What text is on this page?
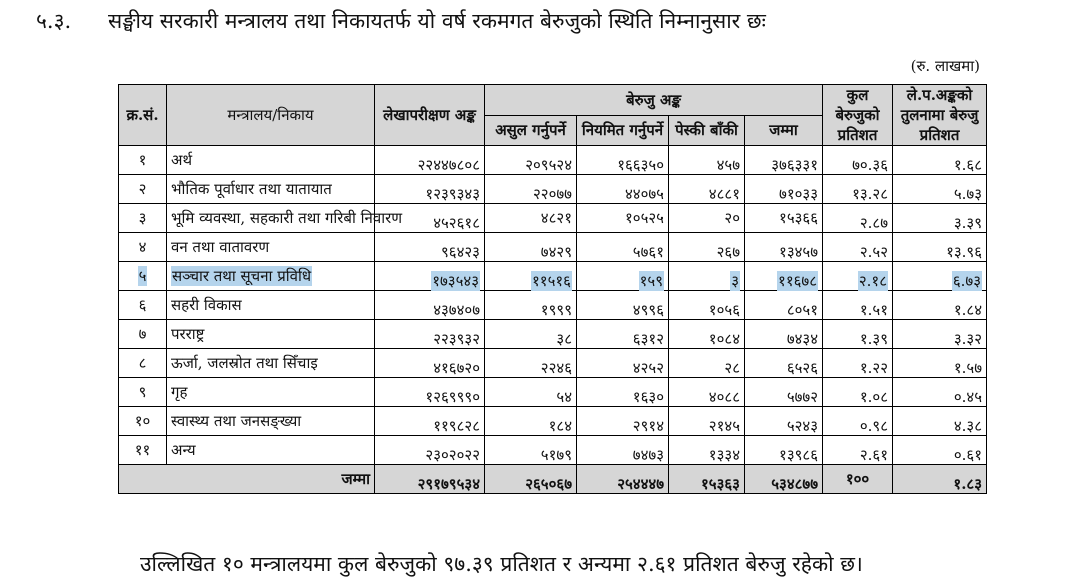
५.३. सङ्घीय सरकारी मन्त्रालय तथा निकायतर्फ यो वर्ष रकमगत बेरुजुको स्थिति निम्नानुसार छः
(रु. लाखमा)
क्र.सं.	मन्त्रालय/निकाय	लेखापरीक्षण अङ्क	बेरुजु अङ्क				कुल बेरुजुको प्रतिशत	ले.प.अङ्कको तुलनामा बेरुजु प्रतिशत
			असुल गर्नुपर्ने	नियमित गर्नुपर्ने	पेस्की बाँकी	जम्मा		
१	अर्थ	२२४४७८०८	२०९५२४	१६६३५०	४५७	३७६३३१	७०.३६	१.६८
२	भौतिक पूर्वाधार तथा यातायात	१२३९३४३	२२०७७	४४०७५	४८८१	७१०३३	१३.२८	५.७३
३	भूमि व्यवस्था, सहकारी तथा गरिबी निवारण	४५२६१८	४८२१	१०५२५	२०	१५३६६	२.८७	३.३९
४	वन तथा वातावरण	९६४२३	७४२९	५७६१	२६७	१३४५७	२.५२	१३.९६
५	सञ्चार तथा सूचना प्रविधि	१७३५४३	११५१६	१५९	३	११६७८	२.१८	६.७३
६	सहरी विकास	४३७४०७	१९९९	४९९६	१०५६	८०५१	१.५१	१.८४
७	परराष्ट्र	२२३९३२	३८	६३१२	१०८४	७४३४	१.३९	३.३२
८	ऊर्जा, जलस्रोत तथा सिँचाइ	४१६७२०	२२४६	४२५२	२८	६५२६	१.२२	१.५७
९	गृह	१२६९९९०	५४	१६३०	४०८८	५७७२	१.०८	०.४५
१०	स्वास्थ्य तथा जनसङ्ख्या	११९८२८	१८४	२९१४	२१४५	५२४३	०.९८	४.३८
११	अन्य	२३०२०२२	५१७९	७४७३	१३३४	१३९८६	२.६१	०.६१
जम्मा		२९१७९५३४	२६५०६७	२५४४४७	१५३६३	५३४८७७	१००	१.८३
उल्लिखित १० मन्त्रालयमा कुल बेरुजुको ९७.३९ प्रतिशत र अन्यमा २.६१ प्रतिशत बेरुजु रहेको छ।
